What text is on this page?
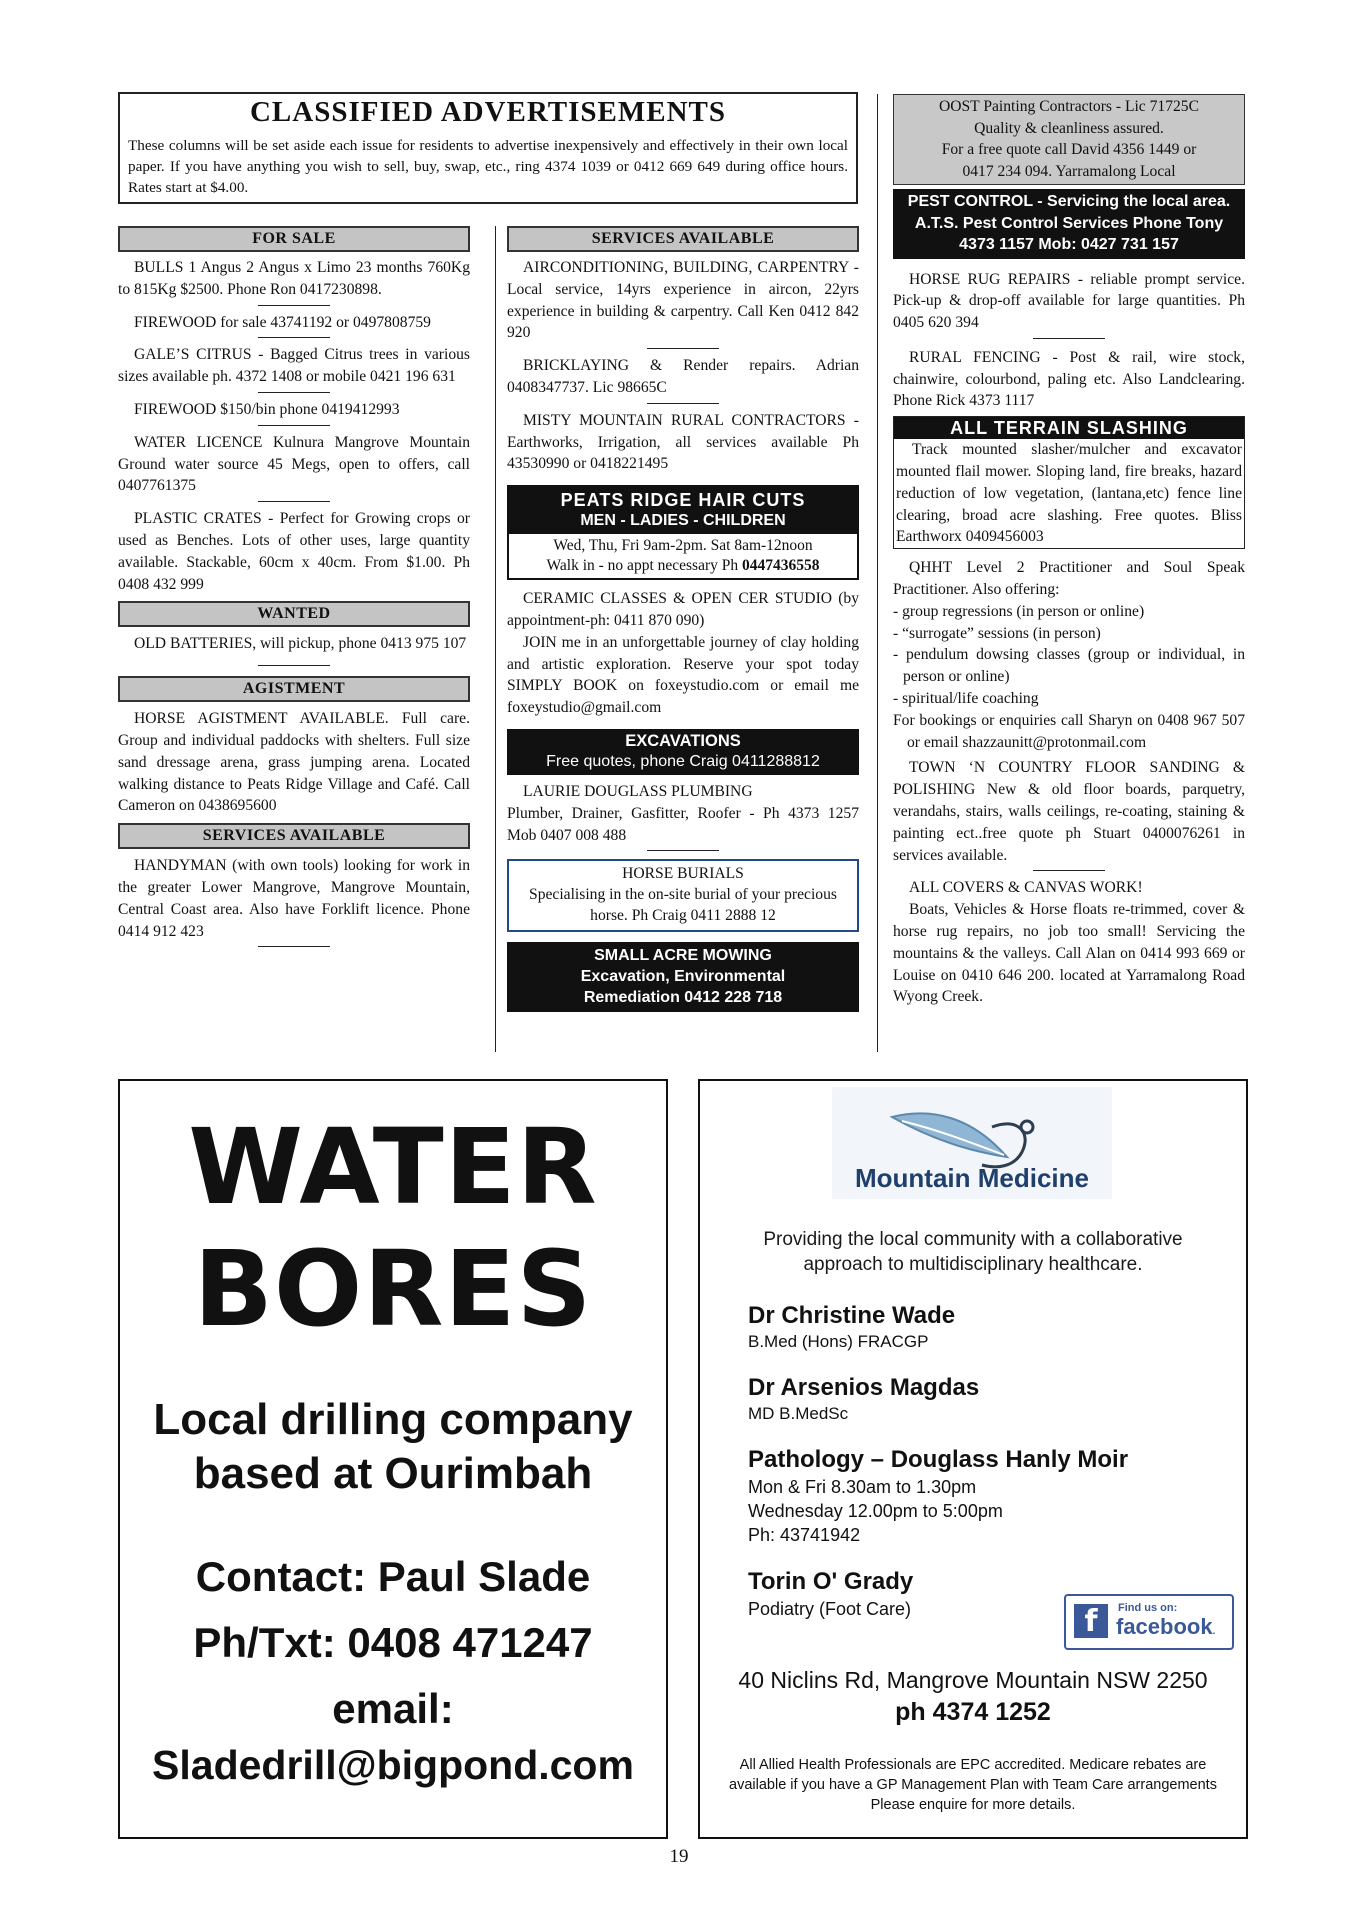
CLASSIFIED ADVERTISEMENTS

These columns will be set aside each issue for residents to advertise inexpensively and effectively in their own local paper. If you have anything you wish to sell, buy, swap, etc., ring 4374 1039 or 0412 669 649 during office hours. Rates start at $4.00.

FOR SALE

BULLS 1 Angus 2 Angus x Limo 23 months 760Kg to 815Kg $2500. Phone Ron 0417230898.

FIREWOOD for sale 43741192 or 0497808759

GALE’S CITRUS - Bagged Citrus trees in various sizes available ph. 4372 1408 or mobile 0421 196 631

FIREWOOD $150/bin phone 0419412993

WATER LICENCE Kulnura Mangrove Mountain Ground water source 45 Megs, open to offers, call 0407761375

PLASTIC CRATES - Perfect for Growing crops or used as Benches. Lots of other uses, large quantity available. Stackable, 60cm x 40cm. From $1.00. Ph 0408 432 999

WANTED

OLD BATTERIES, will pickup, phone 0413 975 107

AGISTMENT

HORSE AGISTMENT AVAILABLE. Full care. Group and individual paddocks with shelters. Full size sand dressage arena, grass jumping arena. Located walking distance to Peats Ridge Village and Café. Call Cameron on 0438695600

SERVICES AVAILABLE

HANDYMAN (with own tools) looking for work in the greater Lower Mangrove, Mangrove Mountain, Central Coast area. Also have Forklift licence. Phone 0414 912 423

SERVICES AVAILABLE

AIRCONDITIONING, BUILDING, CARPENTRY - Local service, 14yrs experience in aircon, 22yrs experience in building & carpentry. Call Ken 0412 842 920

BRICKLAYING & Render repairs. Adrian 0408347737. Lic 98665C

MISTY MOUNTAIN RURAL CONTRACTORS - Earthworks, Irrigation, all services available Ph 43530990 or 0418221495

PEATS RIDGE HAIR CUTS
MEN - LADIES - CHILDREN
Wed, Thu, Fri 9am-2pm. Sat 8am-12noon
Walk in - no appt necessary Ph 0447436558

CERAMIC CLASSES & OPEN CER STUDIO (by appointment-ph: 0411 870 090)

JOIN me in an unforgettable journey of clay holding and artistic exploration. Reserve your spot today SIMPLY BOOK on foxeystudio.com or email me foxeystudio@gmail.com

EXCAVATIONS
Free quotes, phone Craig 0411288812

LAURIE DOUGLASS PLUMBING

Plumber, Drainer, Gasfitter, Roofer - Ph 4373 1257 Mob 0407 008 488

HORSE BURIALS
Specialising in the on-site burial of your precious horse. Ph Craig 0411 2888 12
SMALL ACRE MOWING
Excavation, Environmental
Remediation 0412 228 718
OOST Painting Contractors - Lic 71725C
Quality & cleanliness assured.
For a free quote call David 4356 1449 or
0417 234 094. Yarramalong Local
PEST CONTROL - Servicing the local area. A.T.S. Pest Control Services Phone Tony 4373 1157 Mob: 0427 731 157

HORSE RUG REPAIRS - reliable prompt service. Pick-up & drop-off available for large quantities. Ph 0405 620 394

RURAL FENCING - Post & rail, wire stock, chainwire, colourbond, paling etc. Also Landclearing. Phone Rick 4373 1117

ALL TERRAIN SLASHING

Track mounted slasher/mulcher and excavator mounted flail mower. Sloping land, fire breaks, hazard reduction of low vegetation, (lantana,etc) fence line clearing, broad acre slashing. Free quotes. Bliss Earthworx 0409456003

QHHT Level 2 Practitioner and Soul Speak Practitioner. Also offering:

- group regressions (in person or online)

- “surrogate” sessions (in person)

- pendulum dowsing classes (group or individual, in person or online)

- spiritual/life coaching

For bookings or enquiries call Sharyn on 0408 967 507 or email shazzaunitt@protonmail.com

TOWN ‘N COUNTRY FLOOR SANDING & POLISHING New & old floor boards, parquetry, verandahs, stairs, walls ceilings, re-coating, staining & painting ect..free quote ph Stuart 0400076261 in services available.

ALL COVERS & CANVAS WORK!

Boats, Vehicles & Horse floats re-trimmed, cover & horse rug repairs, no job too small! Servicing the mountains & the valleys. Call Alan on 0414 993 669 or Louise on 0410 646 200. located at Yarramalong Road Wyong Creek.

WATER
BORES
Local drilling company
based at Ourimbah
Contact: Paul Slade
Ph/Txt: 0408 471247
email:
Sladedrill@bigpond.com
Mountain Medicine
Providing the local community with a collaborative approach to multidisciplinary healthcare.
Dr Christine Wade
B.Med (Hons) FRACGP
Dr Arsenios Magdas
MD B.MedSc
Pathology – Douglass Hanly Moir
Mon & Fri 8.30am to 1.30pm
Wednesday 12.00pm to 5:00pm
Ph: 43741942
Torin O' Grady
Podiatry (Foot Care)	f	Find us on:
facebook.
40 Niclins Rd, Mangrove Mountain NSW 2250
ph 4374 1252
All Allied Health Professionals are EPC accredited. Medicare rebates are available if you have a GP Management Plan with Team Care arrangements Please enquire for more details.
19
